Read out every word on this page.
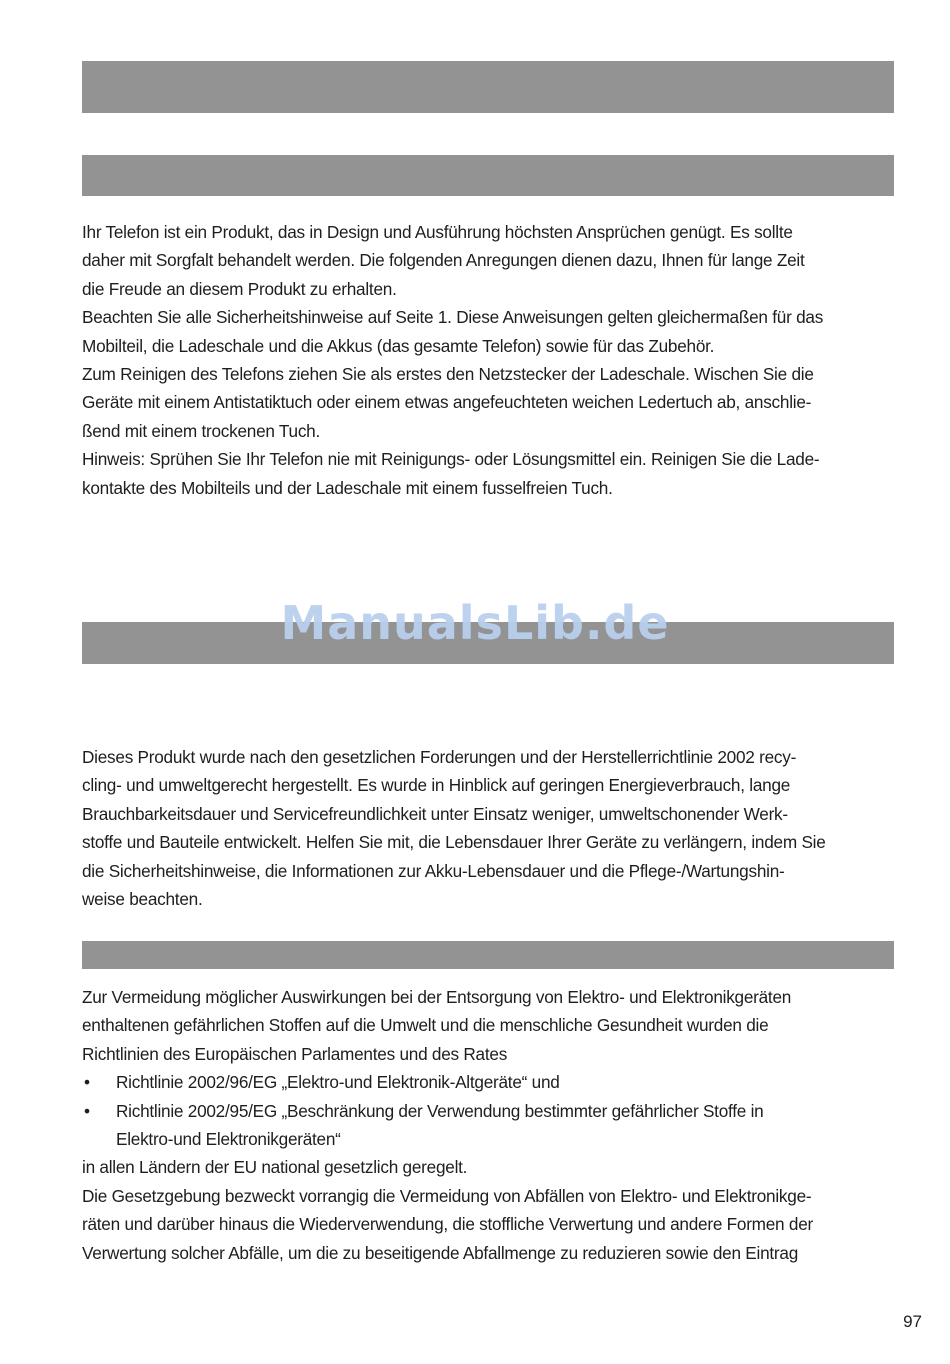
Ihr Telefon ist ein Produkt, das in Design und Ausführung höchsten Ansprüchen genügt. Es sollte
daher mit Sorgfalt behandelt werden. Die folgenden Anregungen dienen dazu, Ihnen für lange Zeit
die Freude an diesem Produkt zu erhalten.
Beachten Sie alle Sicherheitshinweise auf Seite 1. Diese Anweisungen gelten gleichermaßen für das
Mobilteil, die Ladeschale und die Akkus (das gesamte Telefon) sowie für das Zubehör.
Zum Reinigen des Telefons ziehen Sie als erstes den Netzstecker der Ladeschale. Wischen Sie die
Geräte mit einem Antistatiktuch oder einem etwas angefeuchteten weichen Ledertuch ab, anschlie-
ßend mit einem trockenen Tuch.
Hinweis: Sprühen Sie Ihr Telefon nie mit Reinigungs- oder Lösungsmittel ein. Reinigen Sie die Lade-
kontakte des Mobilteils und der Ladeschale mit einem fusselfreien Tuch.
ManualsLib.de
Dieses Produkt wurde nach den gesetzlichen Forderungen und der Herstellerrichtlinie 2002 recy-
cling- und umweltgerecht hergestellt. Es wurde in Hinblick auf geringen Energieverbrauch, lange
Brauchbarkeitsdauer und Servicefreundlichkeit unter Einsatz weniger, umweltschonender Werk-
stoffe und Bauteile entwickelt. Helfen Sie mit, die Lebensdauer Ihrer Geräte zu verlängern, indem Sie
die Sicherheitshinweise, die Informationen zur Akku-Lebensdauer und die Pflege-/Wartungshin-
weise beachten.
Zur Vermeidung möglicher Auswirkungen bei der Entsorgung von Elektro- und Elektronikgeräten
enthaltenen gefährlichen Stoffen auf die Umwelt und die menschliche Gesundheit wurden die
Richtlinien des Europäischen Parlamentes und des Rates
• Richtlinie 2002/96/EG „Elektro-und Elektronik-Altgeräte“ und
• Richtlinie 2002/95/EG „Beschränkung der Verwendung bestimmter gefährlicher Stoffe in
Elektro-und Elektronikgeräten“
in allen Ländern der EU national gesetzlich geregelt.
Die Gesetzgebung bezweckt vorrangig die Vermeidung von Abfällen von Elektro- und Elektronikge-
räten und darüber hinaus die Wiederverwendung, die stoffliche Verwertung und andere Formen der
Verwertung solcher Abfälle, um die zu beseitigende Abfallmenge zu reduzieren sowie den Eintrag
97
